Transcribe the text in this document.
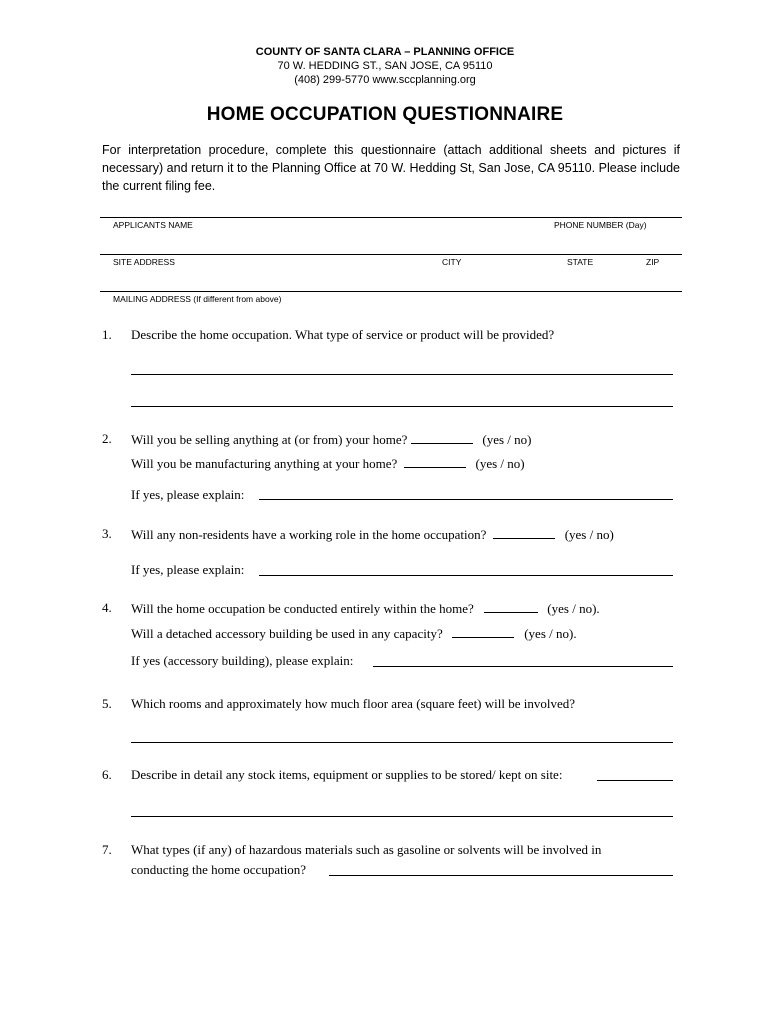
COUNTY OF SANTA CLARA – PLANNING OFFICE
70 W. HEDDING ST., SAN JOSE, CA 95110
(408) 299-5770 www.sccplanning.org
HOME OCCUPATION QUESTIONNAIRE
For interpretation procedure, complete this questionnaire (attach additional sheets and pictures if necessary) and return it to the Planning Office at 70 W. Hedding St, San Jose, CA 95110. Please include the current filing fee.
APPLICANTS NAME	PHONE NUMBER (Day)
SITE ADDRESS	CITY	STATE	ZIP
MAILING ADDRESS (If different from above)
1. Describe the home occupation. What type of service or product will be provided?
2. Will you be selling anything at (or from) your home?	(yes / no)
Will you be manufacturing anything at your home?	(yes / no)
If yes, please explain:
3. Will any non-residents have a working role in the home occupation?	(yes / no)
If yes, please explain:
4. Will the home occupation be conducted entirely within the home?	(yes / no).
Will a detached accessory building be used in any capacity?	(yes / no).
If yes (accessory building), please explain:
5. Which rooms and approximately how much floor area (square feet) will be involved?
6. Describe in detail any stock items, equipment or supplies to be stored/ kept on site:
7. What types (if any) of hazardous materials such as gasoline or solvents will be involved in
conducting the home occupation?
